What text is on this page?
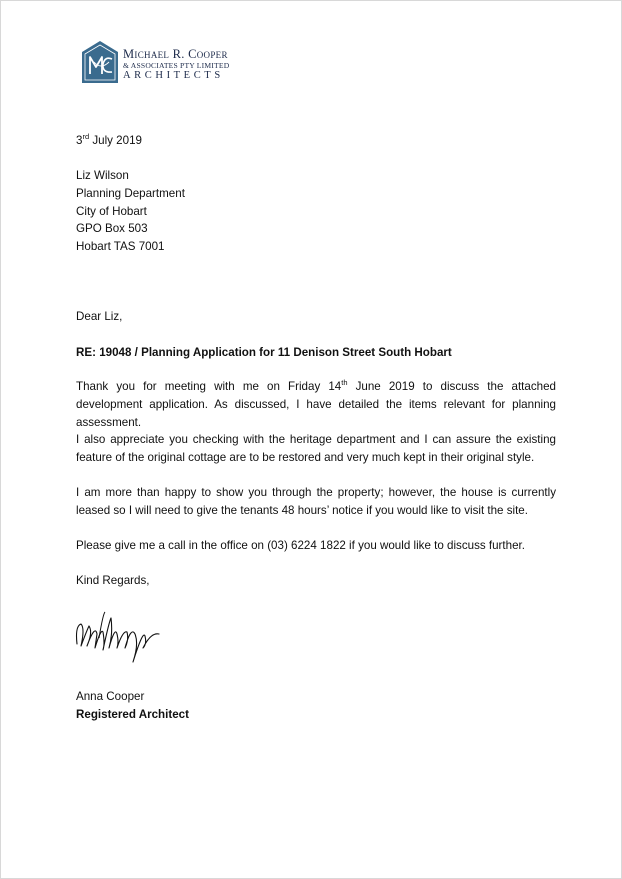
Michael R. Cooper
& ASSOCIATES PTY LIMITED
ARCHITECTS
3rd July 2019
Liz Wilson
Planning Department
City of Hobart
GPO Box 503
Hobart TAS 7001
Dear Liz,
RE: 19048 / Planning Application for 11 Denison Street South Hobart
Thank you for meeting with me on Friday 14th June 2019 to discuss the attached development application. As discussed, I have detailed the items relevant for planning assessment.
I also appreciate you checking with the heritage department and I can assure the existing feature of the original cottage are to be restored and very much kept in their original style.
I am more than happy to show you through the property; however, the house is currently leased so I will need to give the tenants 48 hours’ notice if you would like to visit the site.
Please give me a call in the office on (03) 6224 1822 if you would like to discuss further.
Kind Regards,
Anna Cooper
Registered Architect
